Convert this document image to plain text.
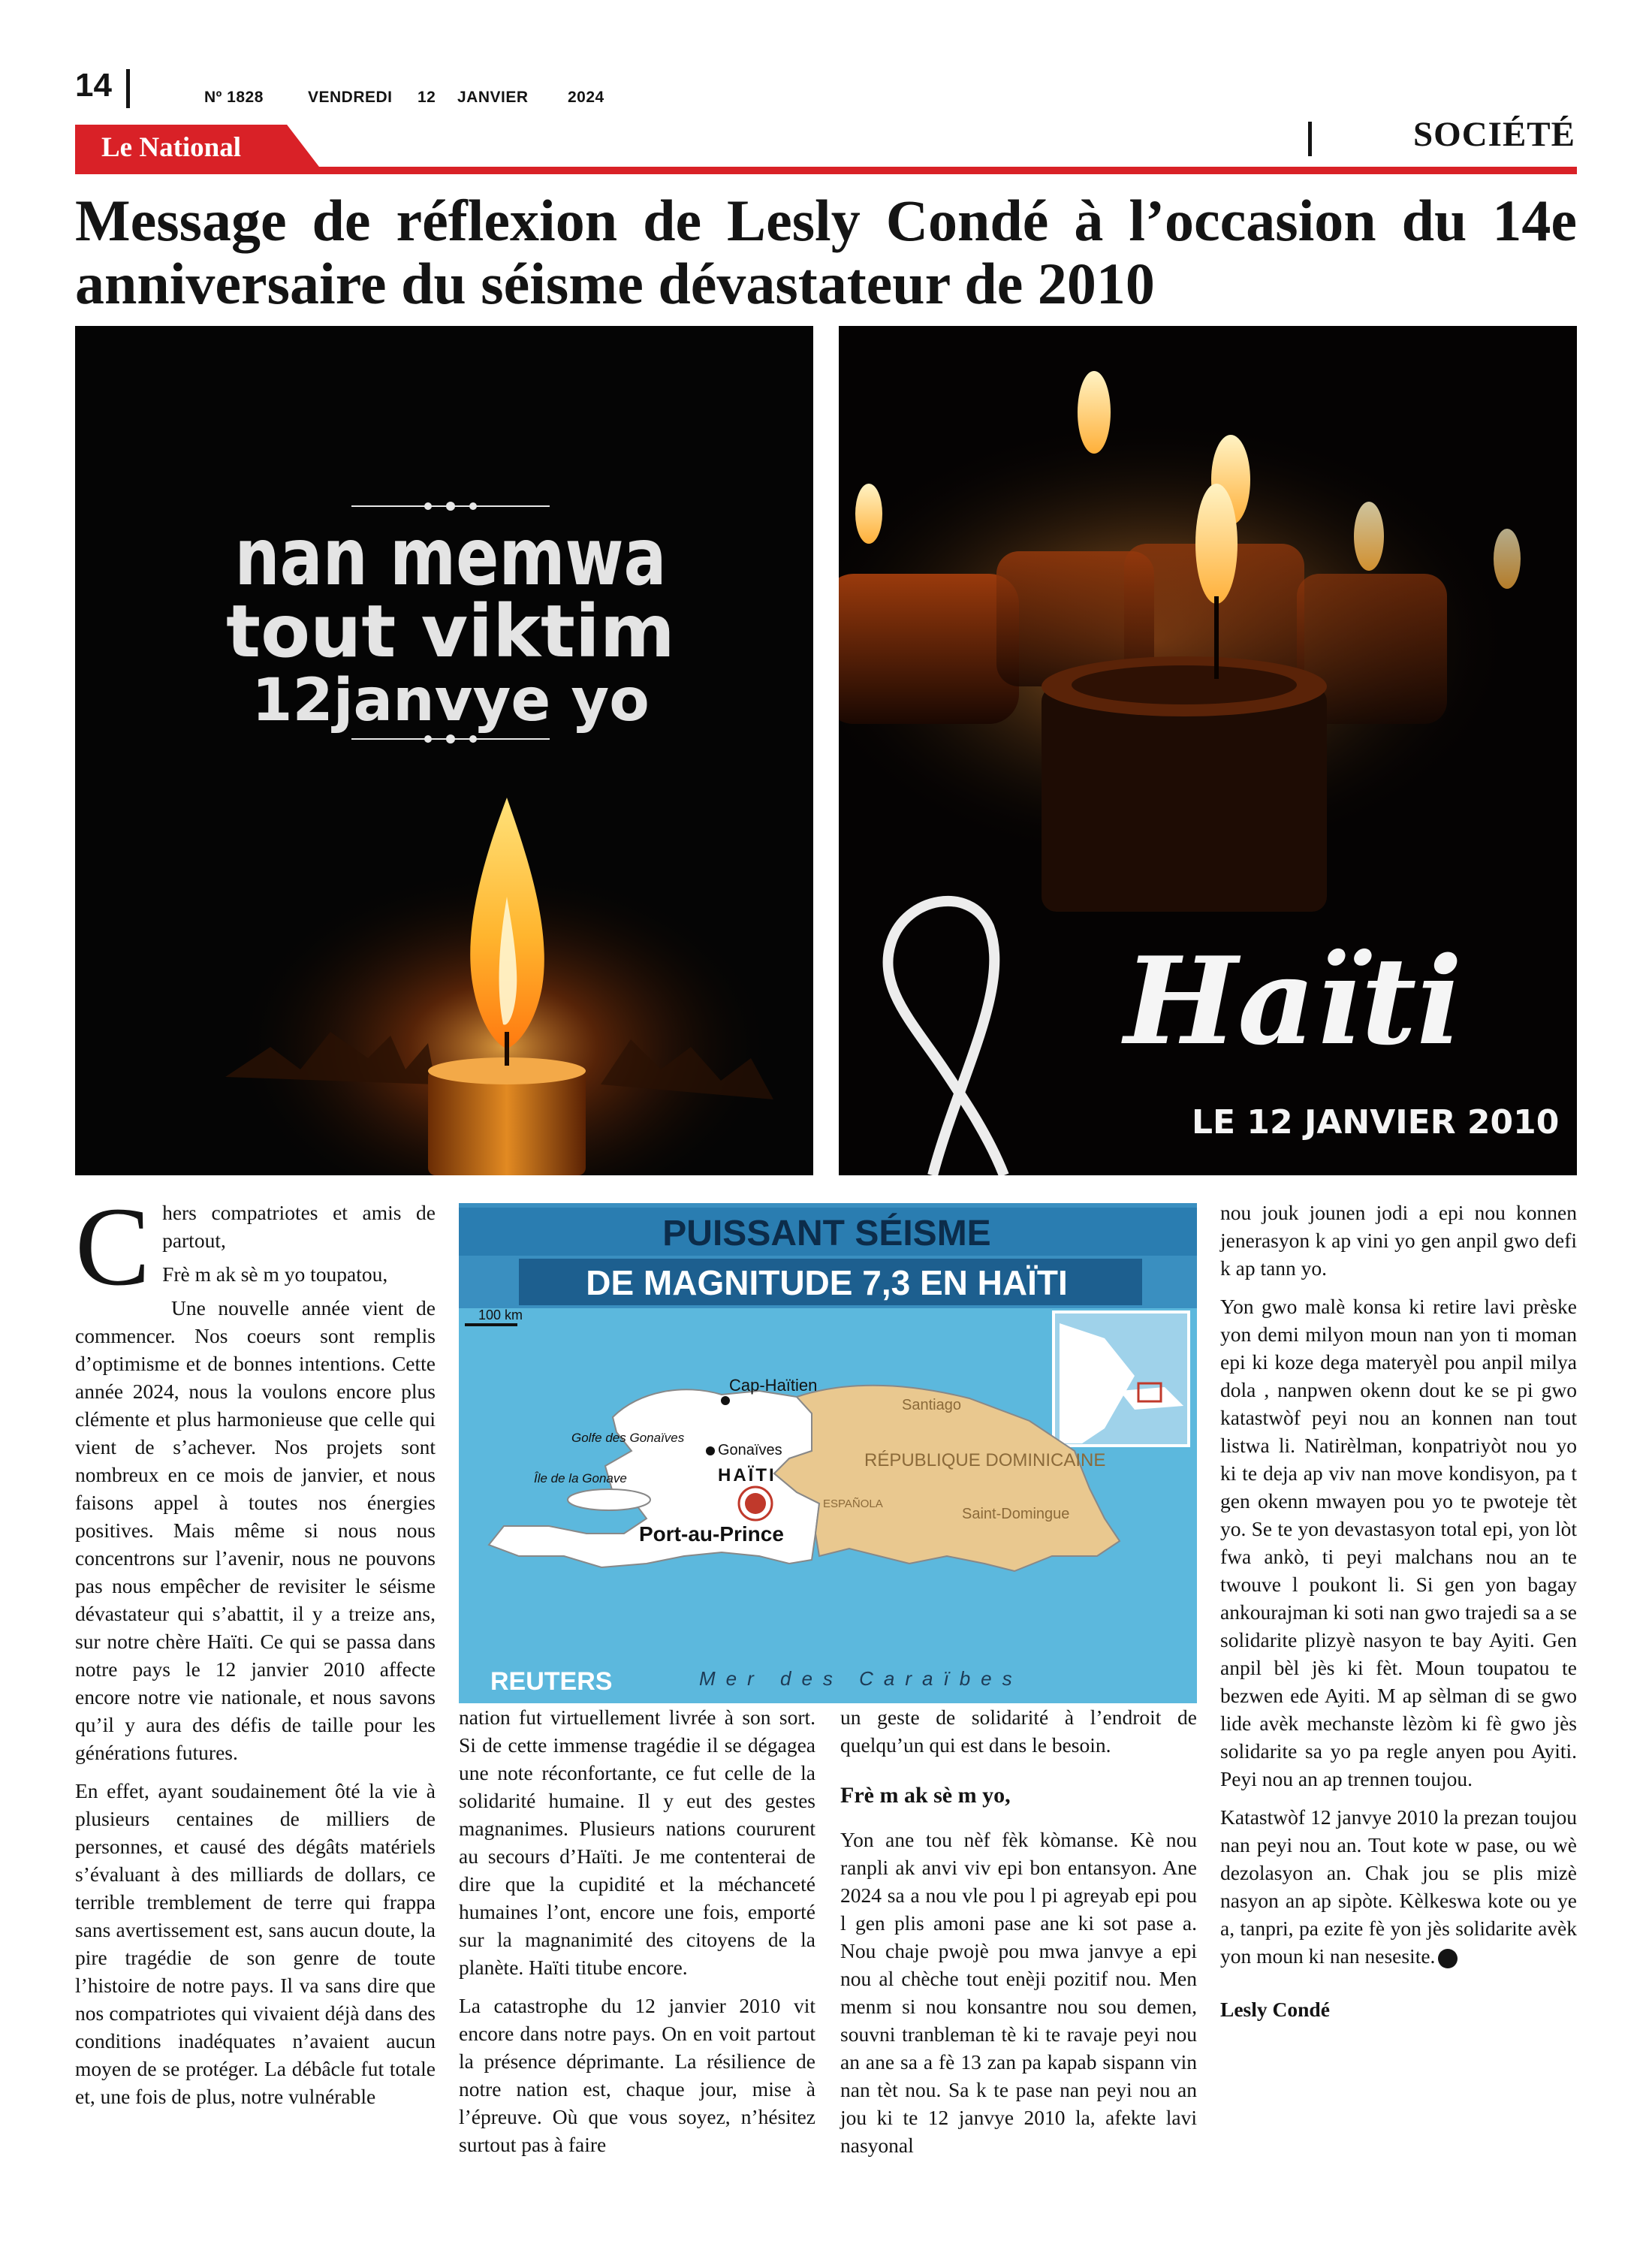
14	Nº 1828	VENDREDI 12 JANVIER 2024
Le National	SOCIÉTÉ
Message de réflexion de Lesly Condé à l’occasion du 14e anniversaire du séisme dévastateur de 2010
nan memwa
tout viktim
12janvye yo
Haïti
LE 12 JANVIER 2010

C hers compatriotes et amis de partout,

Frè m ak sè m yo toupatou,

Une nouvelle année vient de commencer. Nos coeurs sont remplis d’optimisme et de bonnes intentions. Cette année 2024, nous la voulons encore plus clémente et plus harmonieuse que celle qui vient de s’achever. Nos projets sont nombreux en ce mois de janvier, et nous faisons appel à toutes nos énergies positives. Mais même si nous nous concentrons sur l’avenir, nous ne pouvons pas nous empêcher de revisiter le séisme dévastateur qui s’abattit, il y a treize ans, sur notre chère Haïti. Ce qui se passa dans notre pays le 12 janvier 2010 affecte encore notre vie nationale, et nous savons qu’il y aura des défis de taille pour les générations futures.

En effet, ayant soudainement ôté la vie à plusieurs centaines de milliers de personnes, et causé des dégâts matériels s’évaluant à des milliards de dollars, ce terrible tremblement de terre qui frappa sans avertissement est, sans aucun doute, la pire tragédie de son genre de toute l’histoire de notre pays. Il va sans dire que nos compatriotes qui vivaient déjà dans des conditions inadéquates n’avaient aucun moyen de se protéger. La débâcle fut totale et, une fois de plus, notre vulnérable

PUISSANT SÉISME
DE MAGNITUDE 7,3 EN HAÏTI
100 km
Cap-Haïtien
Golfe des Gonaïves
Gonaïves
HAÏTI
Île de la Gonave
Port-au-Prince
Santiago
RÉPUBLIQUE DOMINICAINE
ESPAÑOLA
Saint-Domingue
Mer des Caraïbes
REUTERS

nation fut virtuellement livrée à son sort. Si de cette immense tragédie il se dégagea une note réconfortante, ce fut celle de la solidarité humaine. Il y eut des gestes magnanimes. Plusieurs nations coururent au secours d’Haïti. Je me contenterai de dire que la cupidité et la méchanceté humaines l’ont, encore une fois, emporté sur la magnanimité des citoyens de la planète. Haïti titube encore.

La catastrophe du 12 janvier 2010 vit encore dans notre pays. On en voit partout la présence déprimante. La résilience de notre nation est, chaque jour, mise à l’épreuve. Où que vous soyez, n’hésitez surtout pas à faire

un geste de solidarité à l’endroit de quelqu’un qui est dans le besoin.

Frè m ak sè m yo,

Yon ane tou nèf fèk kòmanse. Kè nou ranpli ak anvi viv epi bon entansyon. Ane 2024 sa a nou vle pou l pi agreyab epi pou l gen plis amoni pase ane ki sot pase a. Nou chaje pwojè pou mwa janvye a epi nou al chèche tout enèji pozitif nou. Men menm si nou konsantre nou sou demen, souvni tranbleman tè ki te ravaje peyi nou an ane sa a fè 13 zan pa kapab sispann vin nan tèt nou. Sa k te pase nan peyi nou an jou ki te 12 janvye 2010 la, afekte lavi nasyonal

nou jouk jounen jodi a epi nou konnen jenerasyon k ap vini yo gen anpil gwo defi k ap tann yo.

Yon gwo malè konsa ki retire lavi prèske yon demi milyon moun nan yon ti moman epi ki koze dega materyèl pou anpil milya dola , nanpwen okenn dout ke se pi gwo katastwòf peyi nou an konnen nan tout listwa li. Natirèlman, konpatriyòt nou yo ki te deja ap viv nan move kondisyon, pa t gen okenn mwayen pou yo te pwoteje tèt yo. Se te yon devastasyon total epi, yon lòt fwa ankò, ti peyi malchans nou an te twouve l poukont li. Si gen yon bagay ankourajman ki soti nan gwo trajedi sa a se solidarite plizyè nasyon te bay Ayiti. Gen anpil bèl jès ki fèt. Moun toupatou te bezwen ede Ayiti. M ap sèlman di se gwo lide avèk mechanste lèzòm ki fè gwo jès solidarite sa yo pa regle anyen pou Ayiti. Peyi nou an ap trennen toujou.

Katastwòf 12 janvye 2010 la prezan toujou nan peyi nou an. Tout kote w pase, ou wè dezolasyon an. Chak jou se plis mizè nasyon an ap sipòte. Kèlkeswa kote ou ye a, tanpri, pa ezite fè yon jès solidarite avèk yon moun ki nan nesesite.

Lesly Condé
